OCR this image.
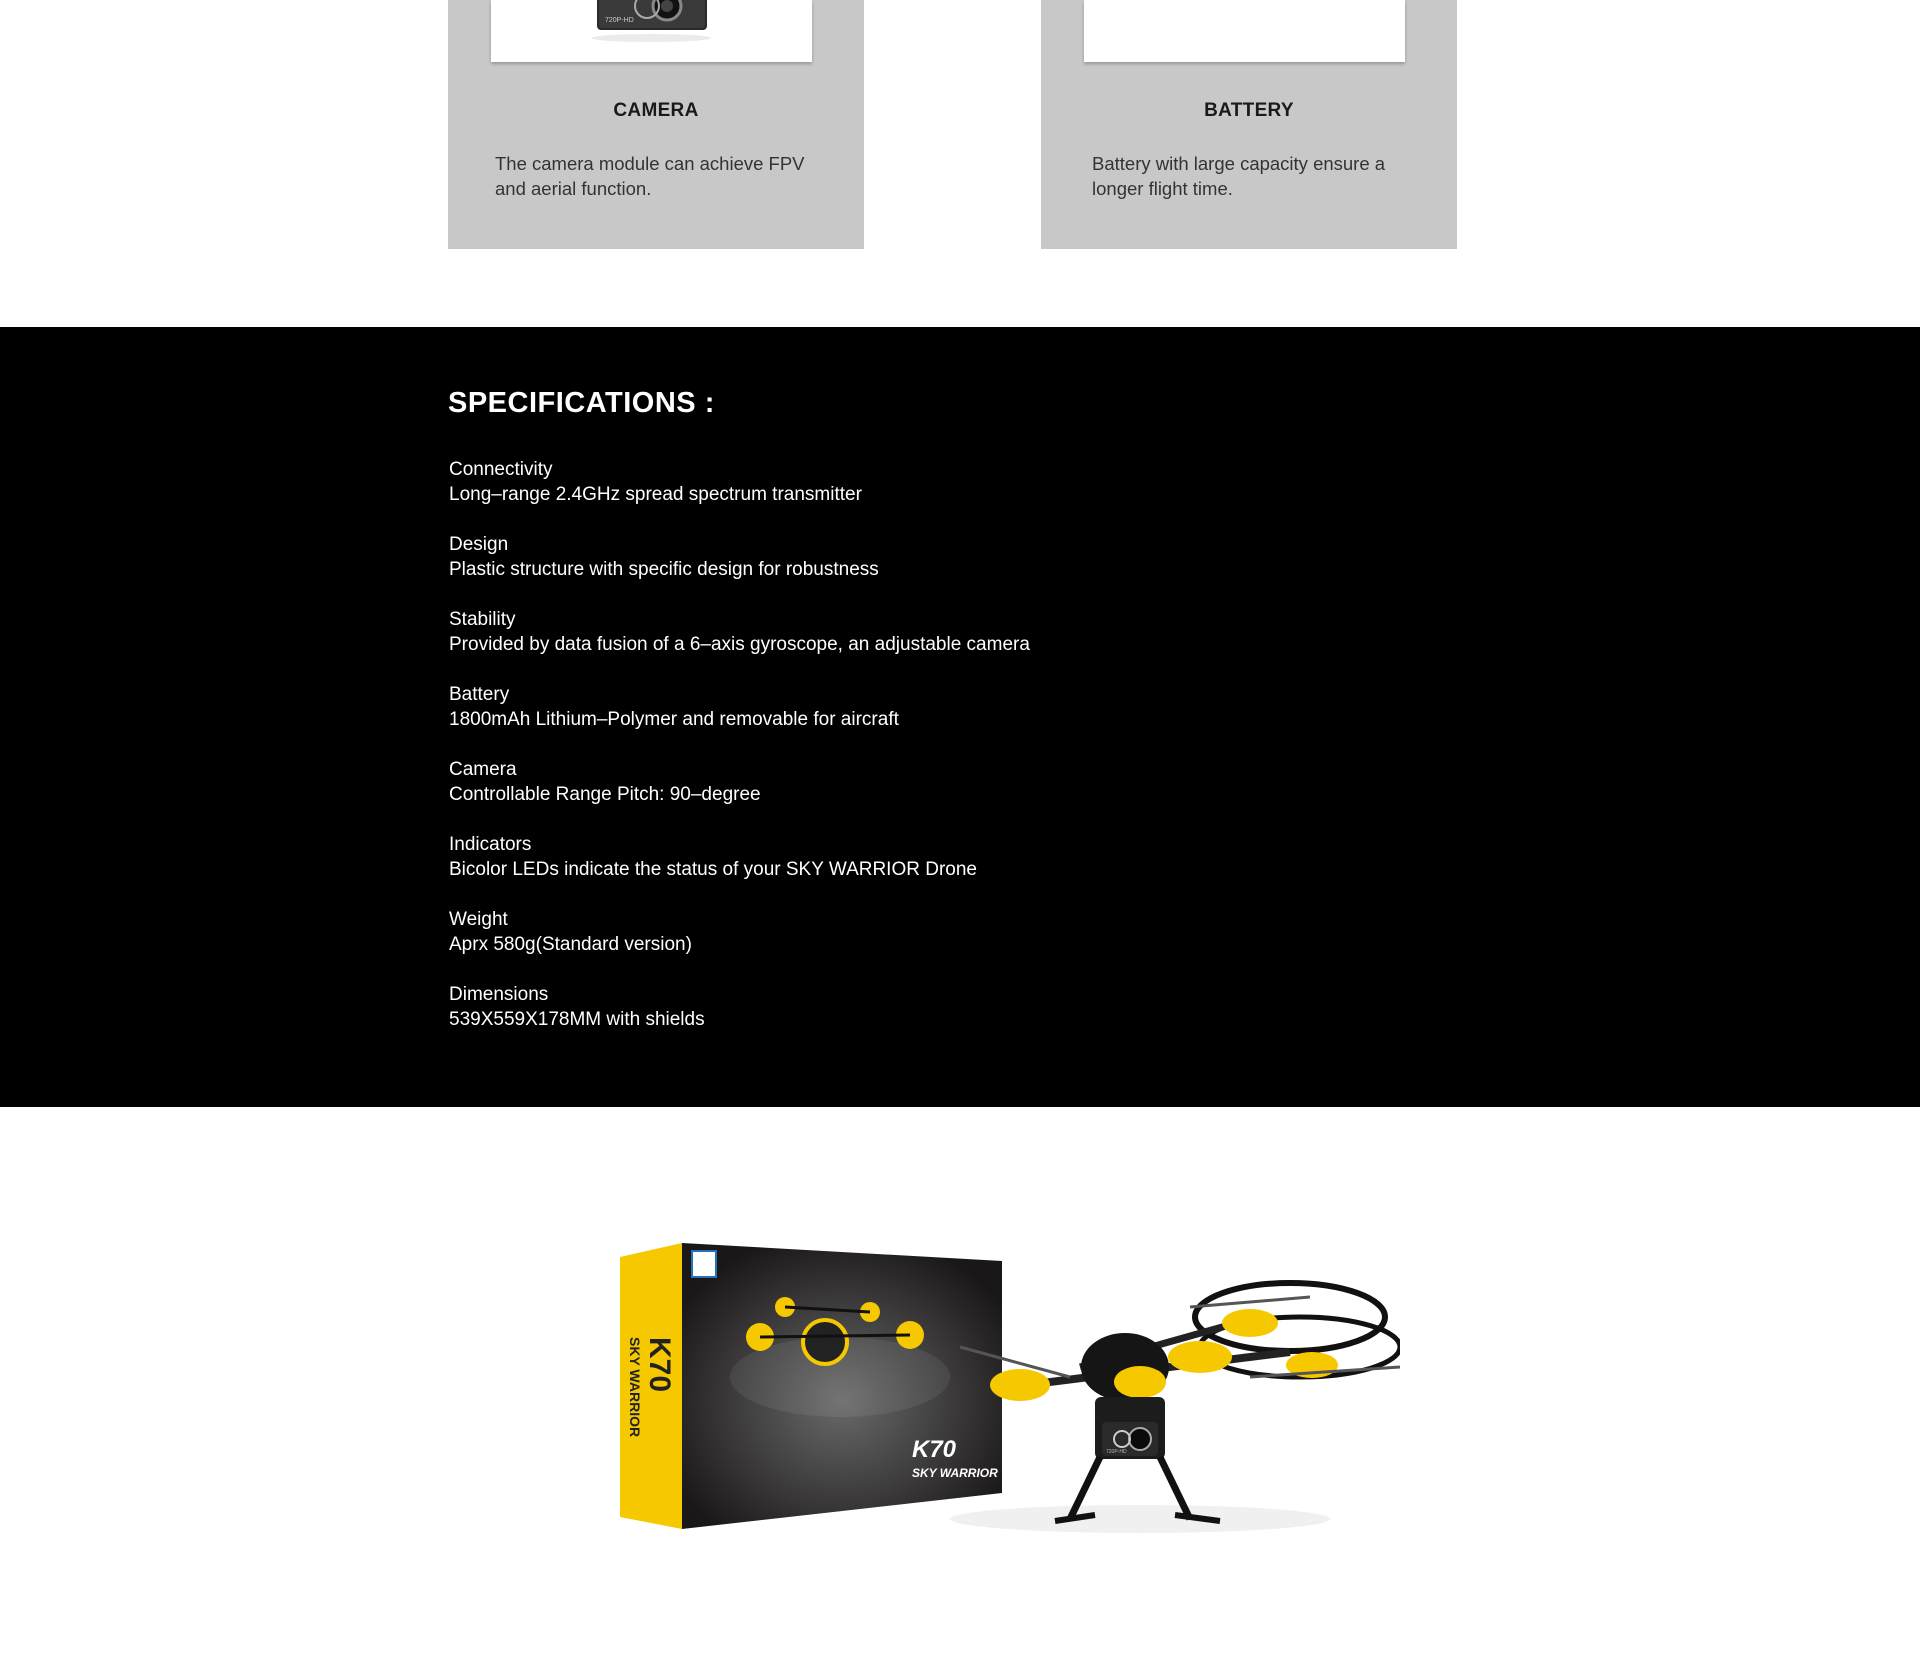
720P-HD
CAMERA
The camera module can achieve FPV and aerial function.
BATTERY
Battery with large capacity ensure a longer flight time.
SPECIFICATIONS :
Connectivity
Long–range 2.4GHz spread spectrum transmitter
Design
Plastic structure with specific design for robustness
Stability
Provided by data fusion of a 6–axis gyroscope, an adjustable camera
Battery
1800mAh Lithium–Polymer and removable for aircraft
Camera
Controllable Range Pitch: 90–degree
Indicators
Bicolor LEDs indicate the status of your SKY WARRIOR Drone
Weight
Aprx 580g(Standard version)
Dimensions
539X559X178MM with shields
K70
SKY WARRIOR
K70
SKY WARRIOR
720P-HD
